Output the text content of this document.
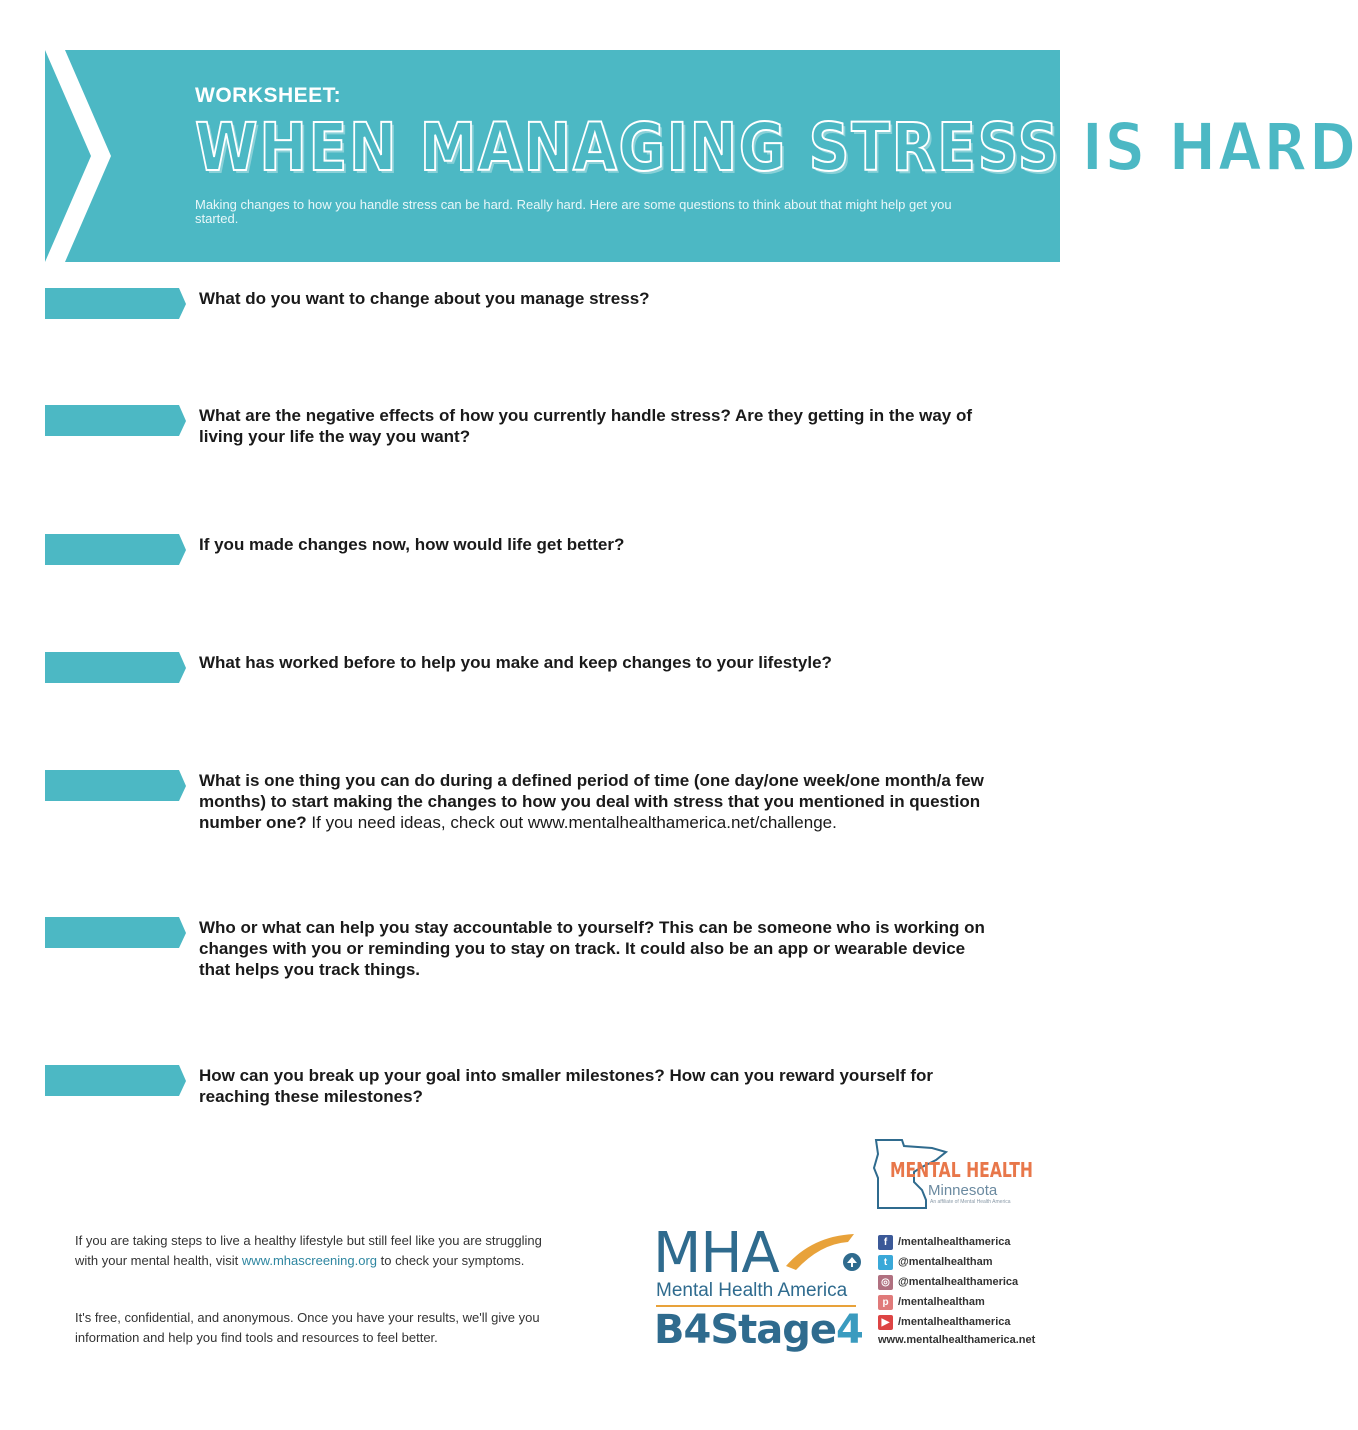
WORKSHEET:
WHEN MANAGING STRESS IS HARD
Making changes to how you handle stress can be hard. Really hard. Here are some questions to think about that might help get you started.
What do you want to change about you manage stress?
What are the negative effects of how you currently handle stress? Are they getting in the way of living your life the way you want?
If you made changes now, how would life get better?
What has worked before to help you make and keep changes to your lifestyle?
What is one thing you can do during a defined period of time (one day/one week/one month/a few months) to start making the changes to how you deal with stress that you mentioned in question number one? If you need ideas, check out www.mentalhealthamerica.net/challenge.
Who or what can help you stay accountable to yourself? This can be someone who is working on changes with you or reminding you to stay on track. It could also be an app or wearable device that helps you track things.
How can you break up your goal into smaller milestones? How can you reward yourself for reaching these milestones?
If you are taking steps to live a healthy lifestyle but still feel like you are struggling with your mental health, visit www.mhascreening.org to check your symptoms.
It's free, confidential, and anonymous. Once you have your results, we'll give you information and help you find tools and resources to feel better.
MENTAL HEALTH
Minnesota
An affiliate of Mental Health America
MHA
Mental Health America
B4Stage4
f /mentalhealthamerica
t @mentalhealtham
◎ @mentalhealthamerica
p /mentalhealtham
▶ /mentalhealthamerica
www.mentalhealthamerica.net
